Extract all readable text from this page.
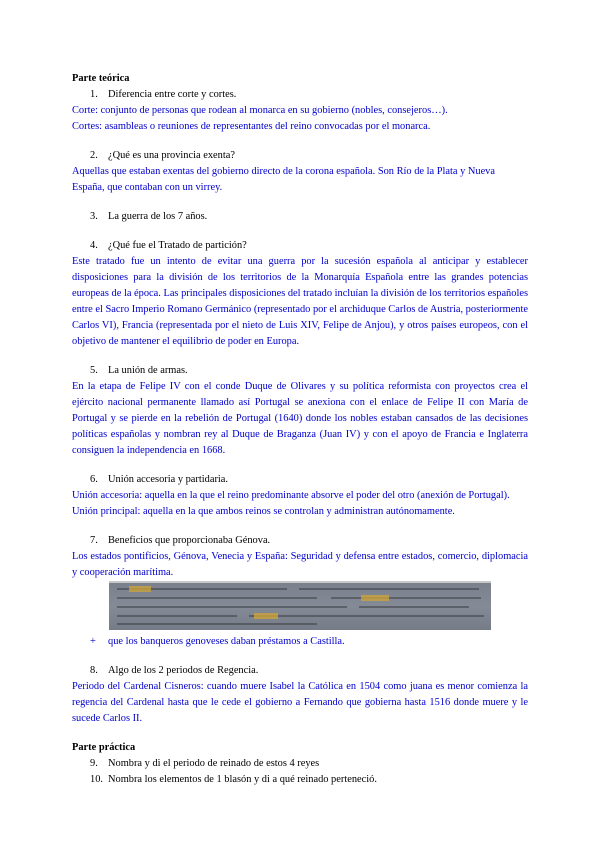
Parte teórica
1. Diferencia entre corte y cortes.
Corte: conjunto de personas que rodean al monarca en su gobierno (nobles, consejeros…).
Cortes: asambleas o reuniones de representantes del reino convocadas por el monarca.
2. ¿Qué es una provincia exenta?
Aquellas que estaban exentas del gobierno directo de la corona española. Son Río de la Plata y Nueva España, que contaban con un virrey.
3. La guerra de los 7 años.
4. ¿Qué fue el Tratado de partición?
Este tratado fue un intento de evitar una guerra por la sucesión española al anticipar y establecer disposiciones para la división de los territorios de la Monarquía Española entre las grandes potencias europeas de la época. Las principales disposiciones del tratado incluían la división de los territorios españoles entre el Sacro Imperio Romano Germánico (representado por el archiduque Carlos de Austria, posteriormente Carlos VI), Francia (representada por el nieto de Luis XIV, Felipe de Anjou), y otros países europeos, con el objetivo de mantener el equilibrio de poder en Europa.
5. La unión de armas.
En la etapa de Felipe IV con el conde Duque de Olivares y su política reformista con proyectos crea el ejército nacional permanente llamado así Portugal se anexiona con el enlace de Felipe II con María de Portugal y se pierde en la rebelión de Portugal (1640) donde los nobles estaban cansados de las decisiones políticas españolas y nombran rey al Duque de Braganza (Juan IV) y con el apoyo de Francia e Inglaterra consiguen la independencia en 1668.
6. Unión accesoria y partidaria.
Unión accesoria: aquella en la que el reino predominante absorve el poder del otro (anexión de Portugal).
Unión principal: aquella en la que ambos reinos se controlan y administran autónomamente.
7. Beneficios que proporcionaba Génova.
Los estados pontificios, Génova, Venecia y España: Seguridad y defensa entre estados, comercio, diplomacia y cooperación marítima.
+ que los banqueros genoveses daban préstamos a Castilla.
8. Algo de los 2 periodos de Regencia.
Periodo del Cardenal Cisneros: cuando muere Isabel la Católica en 1504 como juana es menor comienza la regencia del Cardenal hasta que le cede el gobierno a Fernando que gobierna hasta 1516 donde muere y le sucede Carlos II.
Parte práctica
9. Nombra y di el periodo de reinado de estos 4 reyes
10. Nombra los elementos de 1 blasón y di a qué reinado perteneció.
